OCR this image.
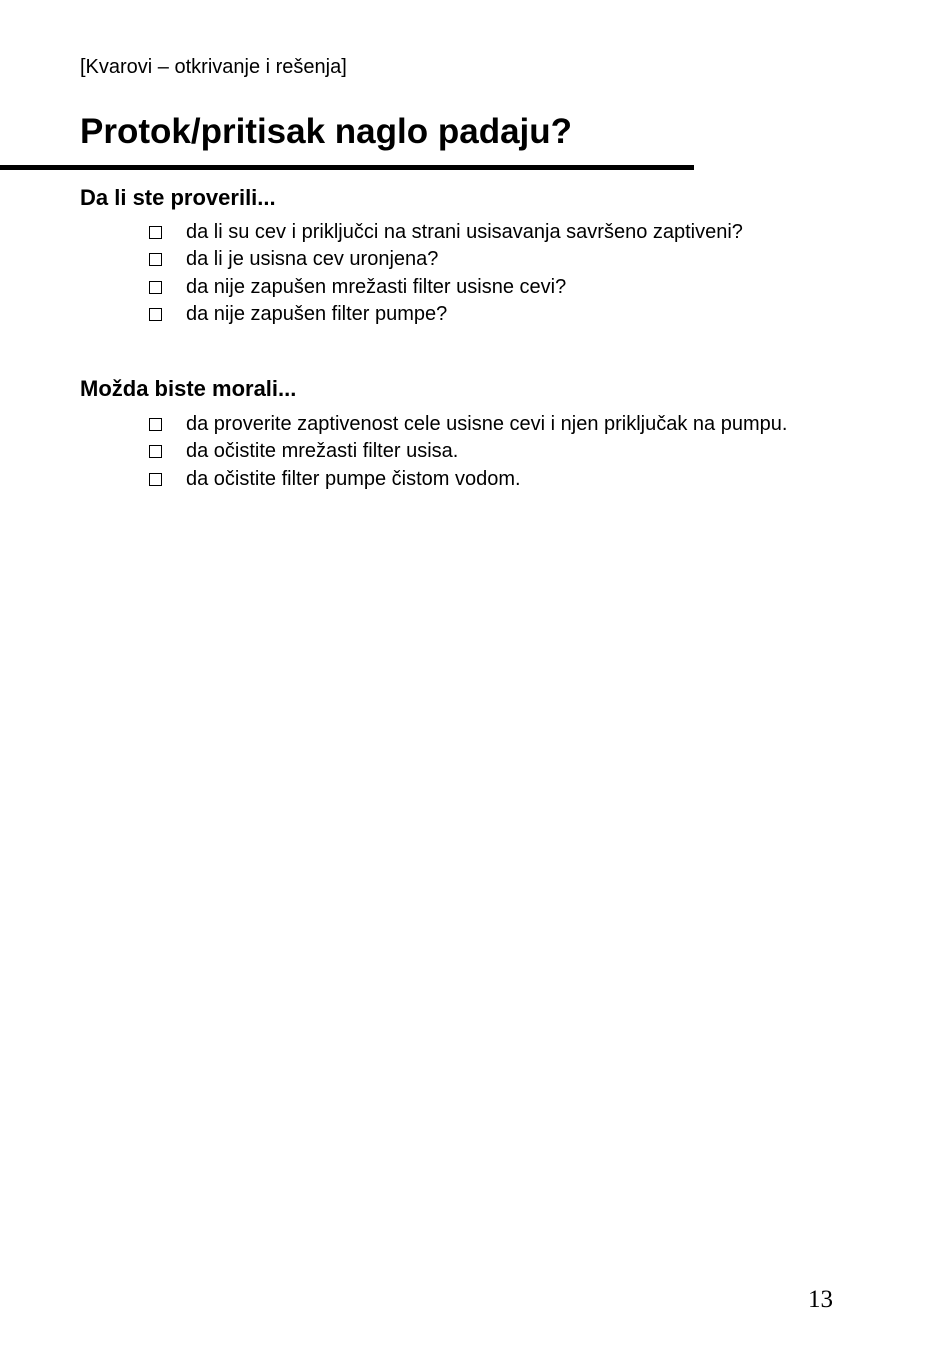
[Kvarovi – otkrivanje i rešenja]
Protok/pritisak naglo padaju?
Da li ste proverili...
da li su cev i priključci na strani usisavanja savršeno zaptiveni?
da li je usisna cev uronjena?
da nije zapušen mrežasti filter usisne cevi?
da nije zapušen filter pumpe?
Možda biste morali...
da proverite zaptivenost cele usisne cevi i njen priključak na pumpu.
da očistite mrežasti filter usisa.
da očistite filter pumpe čistom vodom.
13
